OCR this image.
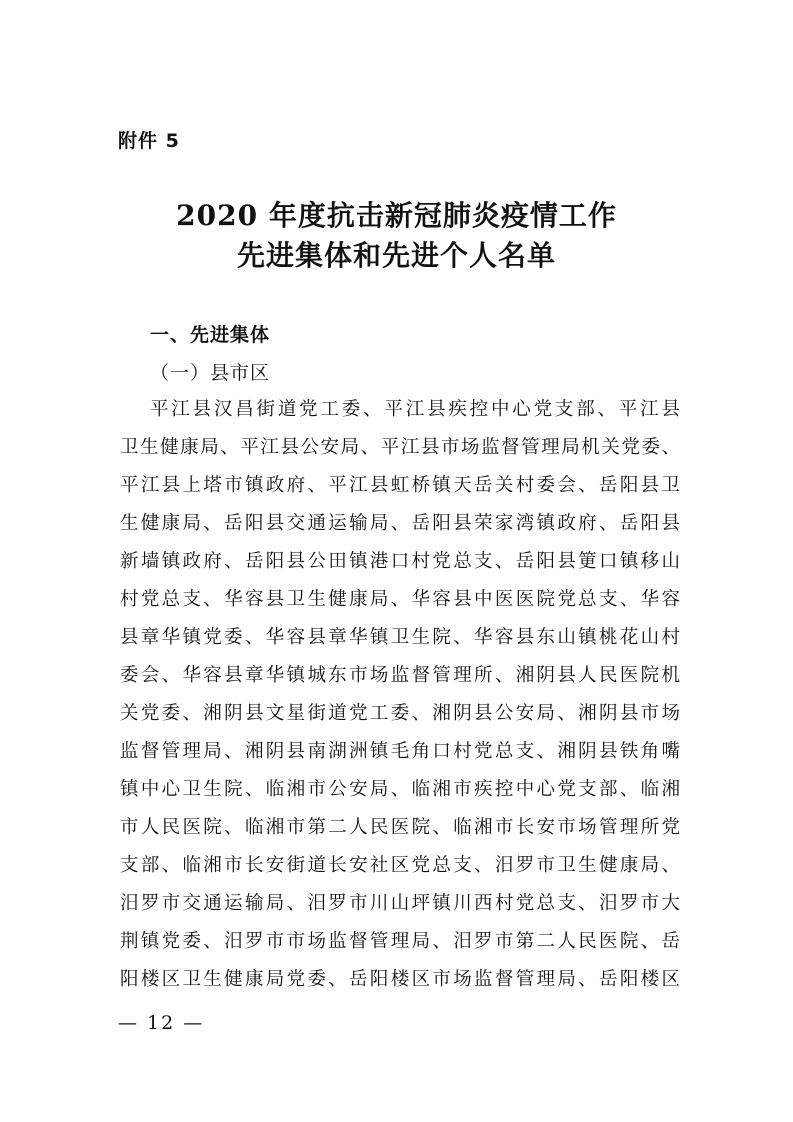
附件 5
2020 年度抗击新冠肺炎疫情工作
先进集体和先进个人名单
一、先进集体
（一）县市区
平江县汉昌街道党工委、平江县疾控中心党支部、平江县
卫生健康局、平江县公安局、平江县市场监督管理局机关党委、
平江县上塔市镇政府、平江县虹桥镇天岳关村委会、岳阳县卫
生健康局、岳阳县交通运输局、岳阳县荣家湾镇政府、岳阳县
新墙镇政府、岳阳县公田镇港口村党总支、岳阳县筻口镇移山
村党总支、华容县卫生健康局、华容县中医医院党总支、华容
县章华镇党委、华容县章华镇卫生院、华容县东山镇桃花山村
委会、华容县章华镇城东市场监督管理所、湘阴县人民医院机
关党委、湘阴县文星街道党工委、湘阴县公安局、湘阴县市场
监督管理局、湘阴县南湖洲镇毛角口村党总支、湘阴县铁角嘴
镇中心卫生院、临湘市公安局、临湘市疾控中心党支部、临湘
市人民医院、临湘市第二人民医院、临湘市长安市场管理所党
支部、临湘市长安街道长安社区党总支、汨罗市卫生健康局、
汨罗市交通运输局、汨罗市川山坪镇川西村党总支、汨罗市大
荆镇党委、汨罗市市场监督管理局、汨罗市第二人民医院、岳
阳楼区卫生健康局党委、岳阳楼区市场监督管理局、岳阳楼区
— 12 —
